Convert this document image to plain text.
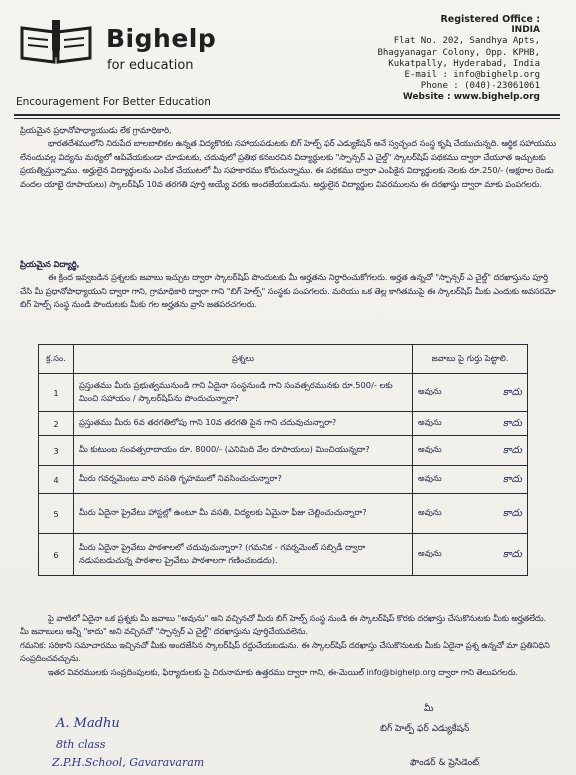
Bighelp
for education
Encouragement For Better Education
Registered Office :
INDIA
Flat No. 202, Sandhya Apts,
Bhagyanagar Colony, Opp. KPHB,
Kukatpally, Hyderabad, India
E-mail : info@bighelp.org
Phone : (040)-23061061
Website : www.bighelp.org

ప్రియమైన ప్రధానోపాధ్యాయుడు లేక గ్రామాధికారి,

భారతదేశములోని నిరుపేద బాలబాలికల ఉన్నత విద్యకొరకు సహాయపడుటకు బిగ్ హెల్ప్ ఫర్ ఎడ్యుకేషన్ అనే స్వచ్ఛంద సంస్థ కృషి చేయుచున్నది. ఆర్థిక సహాయము లేనందువల్ల విద్యను మధ్యలో ఆపివేయకుండా చూడుటకు, చదువులో ప్రతిభ కనబరచిన విద్యార్థులకు "స్పాన్సర్ ఎ చైల్డ్" స్కాలర్‌షిప్ పథకము ద్వారా చేయూత ఇచ్చుటకు ప్రయత్నిస్తున్నాము. అర్హులైన విద్యార్థులను ఎంపిక చేయుటలో మీ సహకారము కోరుచున్నాము. ఈ పథకము ద్వారా ఎంపికైన విద్యార్థులకు నెలకు రూ.250/- (అక్షరాల రెండు వందల యాభై రూపాయలు) స్కాలర్‌షిప్ 10వ తరగతి పూర్తి అయ్యే వరకు అందజేయబడును. అర్హులైన విద్యార్థుల వివరములను ఈ దరఖాస్తు ద్వారా మాకు పంపగలరు.

ప్రియమైన విద్యార్థి,

ఈ క్రింద ఇవ్వబడిన ప్రశ్నలకు జవాబు ఇచ్చుట ద్వారా స్కాలర్‌షిప్ పొందుటకు మీ అర్హతను నిర్ధారించుకోగలరు. అర్హత ఉన్నచో "స్పాన్సర్ ఎ చైల్డ్" దరఖాస్తును పూర్తి చేసి మీ ప్రధానోపాధ్యాయుని ద్వారా గాని, గ్రామాధికారి ద్వారా గాని "బిగ్ హెల్ప్" సంస్థకు పంపగలరు. మరియు ఒక తెల్ల కాగితముపై ఈ స్కాలర్‌షిప్ మీకు ఎందుకు అవసరమో బిగ్ హెల్ప్ సంస్థ నుండి పొందుటకు మీకు గల అర్హతను వ్రాసి జతపరచగలరు.

క్ర.సం.	ప్రశ్నలు	జవాబు పై గుర్తు పెట్టాలి.
1	ప్రస్తుతము మీరు ప్రభుత్వమునుండి గాని ఏదైనా సంస్థనుండి గాని సంవత్సరమునకు రూ.500/- లకు మించి సహాయం / స్కాలర్‌షిప్‌ను పొందుచున్నారా?	అవును కాదు

2	ప్రస్తుతము మీరు 6వ తరగతిలోపు గాని 10వ తరగతి పైన గాని చదువుచున్నారా?	అవును కాదు

3	మీ కుటుంబ సంవత్సరాదాయం రూ. 8000/- (ఎనిమిది వేల రూపాయలు) మించియున్నదా?	అవును కాదు

4	మీరు గవర్నమెంటు వారి వసతి గృహములో నివసించుచున్నారా?	అవును కాదు

5	మీరు ఏదైనా ప్రైవేటు హాస్టల్లో ఉంటూ మీ వసతి, విద్యలకు ఏమైనా ఫీజు చెల్లించుచున్నారా?	అవును కాదు

6	మీరు ఏదైనా ప్రైవేటు పాఠశాలలో చదువుచున్నారా? (గమనిక - గవర్నమెంట్ సబ్సిడీ ద్వారా నడుపబడుచున్న పాఠశాల ప్రైవేటు పాఠశాలగా గణించబడదు).	అవును కాదు

పై వాటిలో ఏదైనా ఒక ప్రశ్నకు మీ జవాబు "అవును" అని వచ్చినచో మీరు బిగ్ హెల్ప్ సంస్థ నుండి ఈ స్కాలర్‌షిప్ కొరకు దరఖాస్తు చేసుకొనుటకు మీకు అర్హతలేదు. మీ జవాబులు అన్నీ "కాదు" అని వచ్చినచో "స్పాన్సర్ ఎ చైల్డ్" దరఖాస్తును పూర్తిచేయవలెను.

గమనిక: సరికాని సమాచారము ఇచ్చినచో మీకు అందజేసిన స్కాలర్‌షిప్ రద్దుచేయబడును. ఈ స్కాలర్‌షిప్ దరఖాస్తు చేసుకొనుటకు మీకు ఏదైనా ప్రశ్న ఉన్నచో మా ప్రతినిధిని సంప్రదించవచ్చును.

ఇతర వివరములకు సంప్రదింపులకు, ఫిర్యాదులకు పై చిరునామాకు ఉత్తరము ద్వారా గాని, ఈ-మెయిల్ info@bighelp.org ద్వారా గాని తెలుపగలరు.

మీ
బిగ్ హెల్ప్ ఫర్ ఎడ్యుకేషన్
ఫౌండర్ & ప్రెసిడెంట్
A. Madhu
8th class
Z.P.H.School, Gavaravaram
